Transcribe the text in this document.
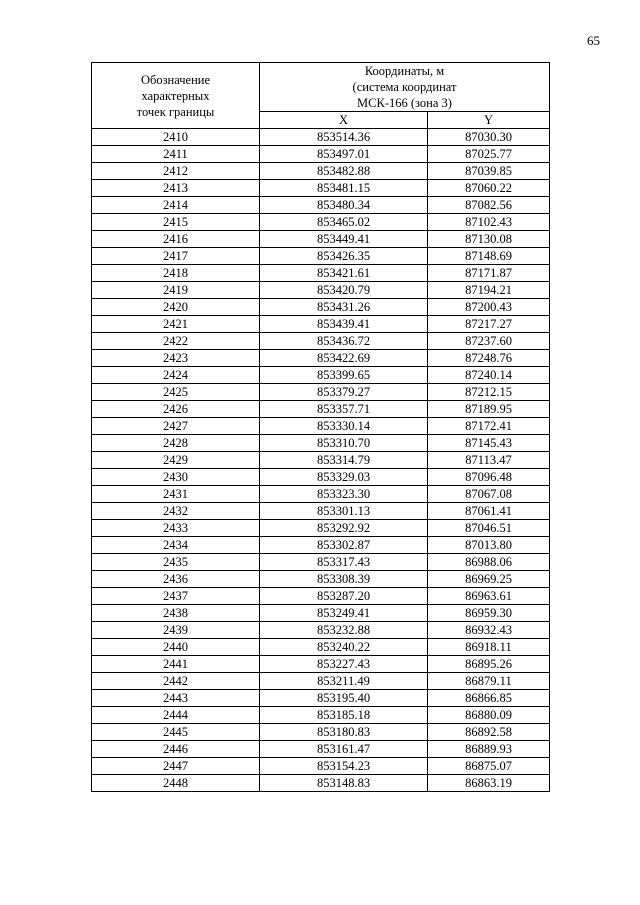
65
Обозначение
характерных
точек границы	Координаты, м
(система координат
МСК-166 (зона 3)	

	X	Y
2410	853514.36	87030.30
2411	853497.01	87025.77
2412	853482.88	87039.85
2413	853481.15	87060.22
2414	853480.34	87082.56
2415	853465.02	87102.43
2416	853449.41	87130.08
2417	853426.35	87148.69
2418	853421.61	87171.87
2419	853420.79	87194.21
2420	853431.26	87200.43
2421	853439.41	87217.27
2422	853436.72	87237.60
2423	853422.69	87248.76
2424	853399.65	87240.14
2425	853379.27	87212.15
2426	853357.71	87189.95
2427	853330.14	87172.41
2428	853310.70	87145.43
2429	853314.79	87113.47
2430	853329.03	87096.48
2431	853323.30	87067.08
2432	853301.13	87061.41
2433	853292.92	87046.51
2434	853302.87	87013.80
2435	853317.43	86988.06
2436	853308.39	86969.25
2437	853287.20	86963.61
2438	853249.41	86959.30
2439	853232.88	86932.43
2440	853240.22	86918.11
2441	853227.43	86895.26
2442	853211.49	86879.11
2443	853195.40	86866.85
2444	853185.18	86880.09
2445	853180.83	86892.58
2446	853161.47	86889.93
2447	853154.23	86875.07
2448	853148.83	86863.19
